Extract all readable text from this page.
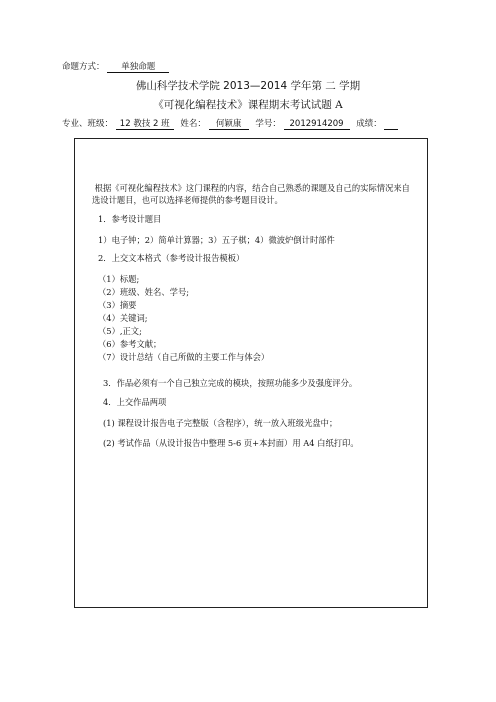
命题方式： 单独命题
佛山科学技术学院 2013—2014 学年第 二 学期
《可视化编程技术》课程期末考试试题 A
专业、班级： 12 教技 2 班 姓名： 何颖康 学号： 2012914209 成绩：
根据《可视化编程技术》这门课程的内容，结合自己熟悉的课题及自己的实际情况来自选设计题目，也可以选择老师提供的参考题目设计。
1．参考设计题目
1）电子钟；2）简单计算器；3）五子棋；4）微波炉倒计时部件
2．上交文本格式（参考设计报告模板）
（1）标题;
（2）班级、姓名、学号;
（3）摘要
（4）关键词;
（5）,正文;
（6）参考文献；
（7）设计总结（自己所做的主要工作与体会）
3．作品必须有一个自己独立完成的模块，按照功能多少及强度评分。
4．上交作品两项
(1) 课程设计报告电子完整版（含程序），统一放入班级光盘中；
(2) 考试作品（从设计报告中整理 5-6 页+本封面）用 A4 白纸打印。
